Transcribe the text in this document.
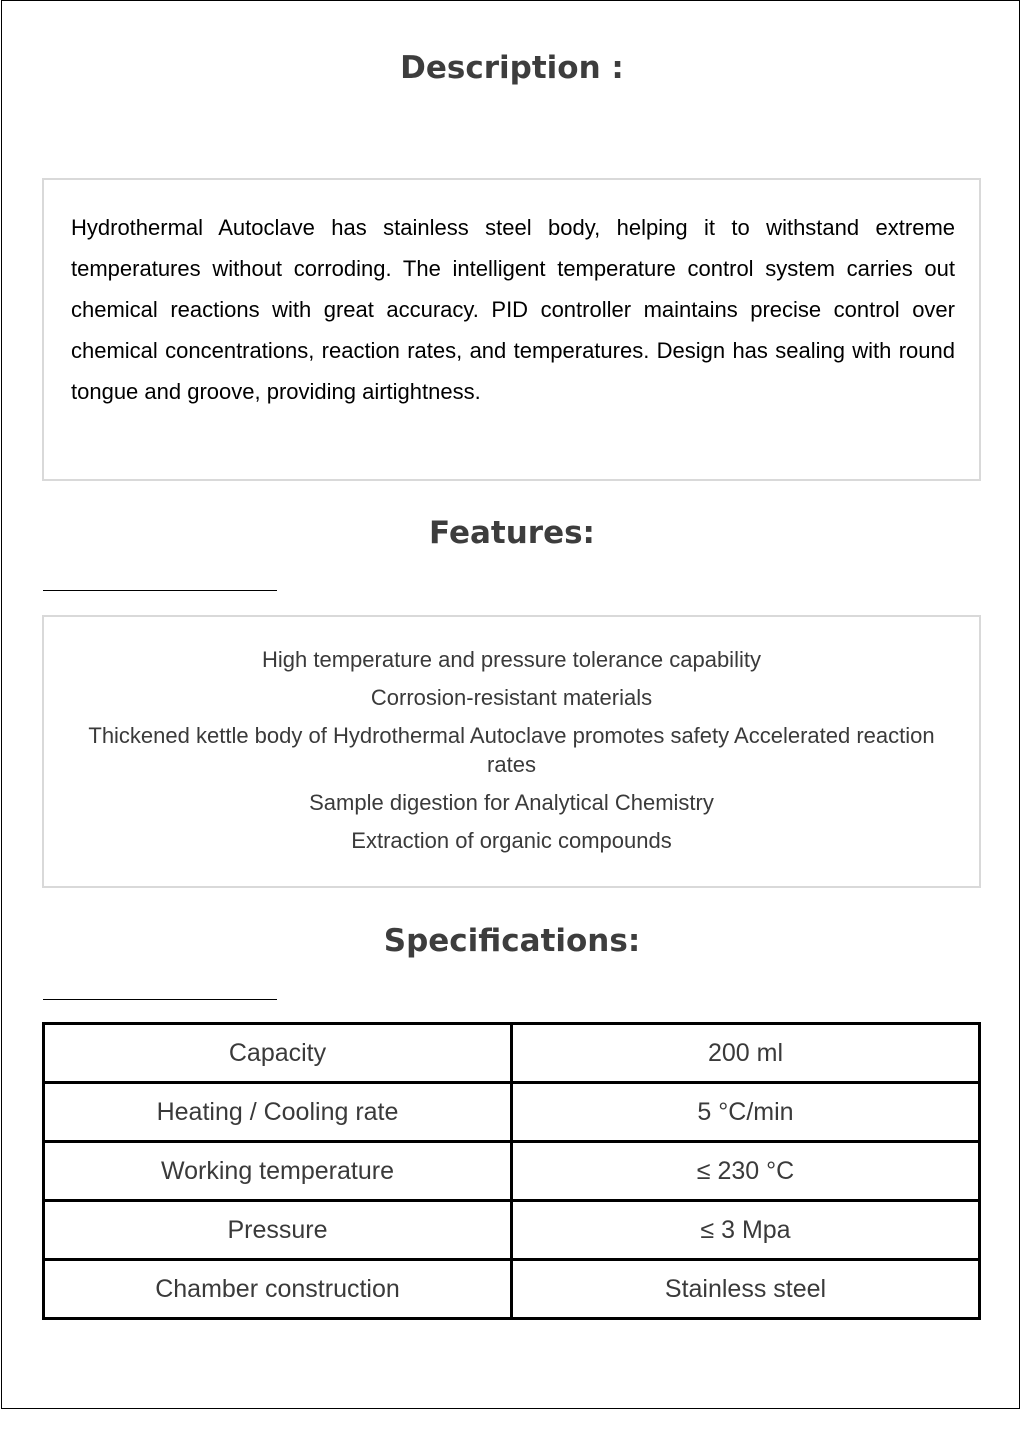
Description :

Hydrothermal Autoclave has stainless steel body, helping it to withstand extreme temperatures without corroding. The intelligent temperature control system carries out chemical reactions with great accuracy. PID controller maintains precise control over chemical concentrations, reaction rates, and temperatures. Design has sealing with round tongue and groove, providing airtightness.

Features:
High temperature and pressure tolerance capability
Corrosion-resistant materials
Thickened kettle body of Hydrothermal Autoclave promotes safety Accelerated reaction rates
Sample digestion for Analytical Chemistry
Extraction of organic compounds
Specifications:
Capacity	200 ml
Heating / Cooling rate	5 °C/min
Working temperature	≤ 230 °C
Pressure	≤ 3 Mpa
Chamber construction	Stainless steel
